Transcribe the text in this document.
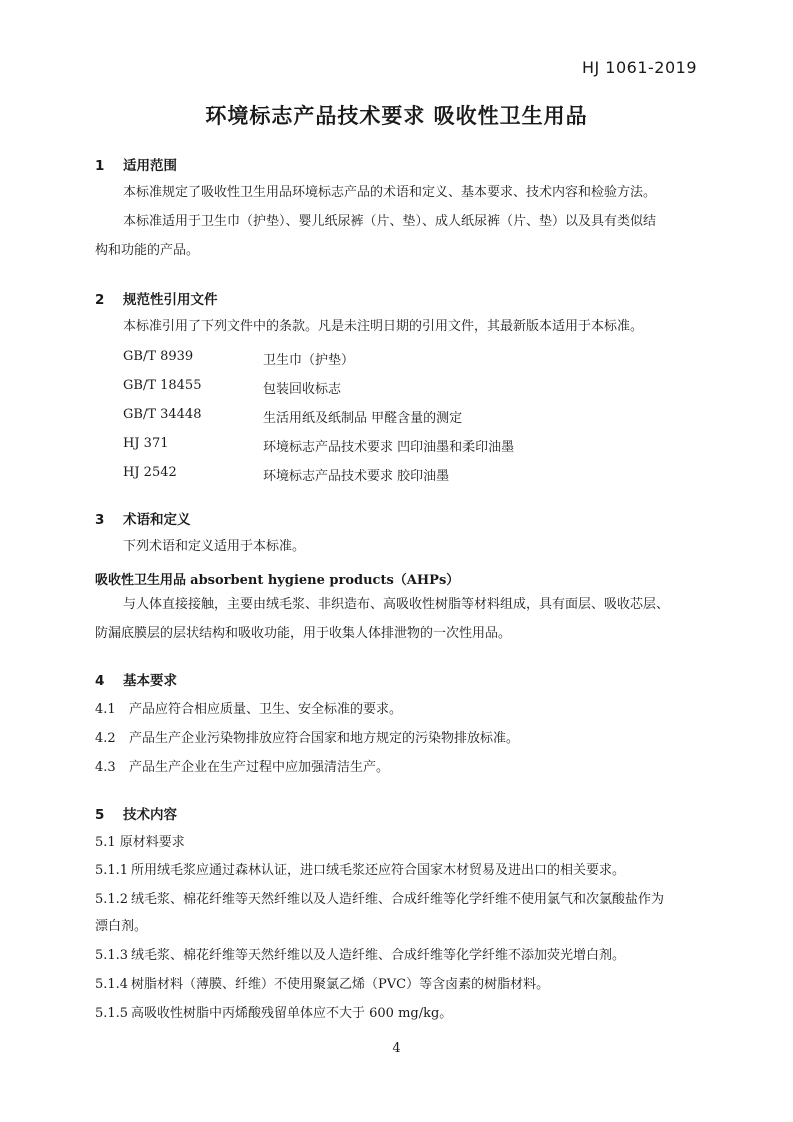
HJ 1061-2019
环境标志产品技术要求 吸收性卫生用品
1 适用范围
本标准规定了吸收性卫生用品环境标志产品的术语和定义、基本要求、技术内容和检验方法。
本标准适用于卫生巾（护垫）、婴儿纸尿裤（片、垫）、成人纸尿裤（片、垫）以及具有类似结
构和功能的产品。
2 规范性引用文件
本标准引用了下列文件中的条款。凡是未注明日期的引用文件，其最新版本适用于本标准。
GB/T 8939	卫生巾（护垫）
GB/T 18455	包装回收标志
GB/T 34448	生活用纸及纸制品 甲醛含量的测定
HJ 371	环境标志产品技术要求 凹印油墨和柔印油墨
HJ 2542	环境标志产品技术要求 胶印油墨
3 术语和定义
下列术语和定义适用于本标准。
吸收性卫生用品 absorbent hygiene products（AHPs）
与人体直接接触，主要由绒毛浆、非织造布、高吸收性树脂等材料组成，具有面层、吸收芯层、
防漏底膜层的层状结构和吸收功能，用于收集人体排泄物的一次性用品。
4 基本要求
4.1 产品应符合相应质量、卫生、安全标准的要求。
4.2 产品生产企业污染物排放应符合国家和地方规定的污染物排放标准。
4.3 产品生产企业在生产过程中应加强清洁生产。
5 技术内容
5.1 原材料要求
5.1.1 所用绒毛浆应通过森林认证，进口绒毛浆还应符合国家木材贸易及进出口的相关要求。
5.1.2 绒毛浆、棉花纤维等天然纤维以及人造纤维、合成纤维等化学纤维不使用氯气和次氯酸盐作为
漂白剂。
5.1.3 绒毛浆、棉花纤维等天然纤维以及人造纤维、合成纤维等化学纤维不添加荧光增白剂。
5.1.4 树脂材料（薄膜、纤维）不使用聚氯乙烯（PVC）等含卤素的树脂材料。
5.1.5 高吸收性树脂中丙烯酸残留单体应不大于 600 mg/kg。
4
